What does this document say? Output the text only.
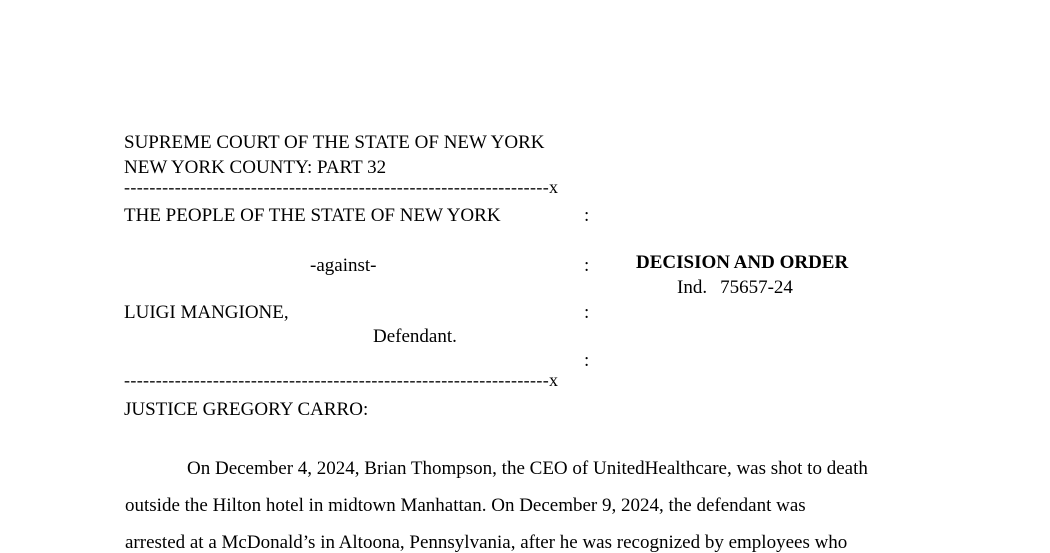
SUPREME COURT OF THE STATE OF NEW YORK
NEW YORK COUNTY: PART 32
-------------------------------------------------------------------x
THE PEOPLE OF THE STATE OF NEW YORK	:
-against-	:
LUIGI MANGIONE,	:
Defendant.
:
-------------------------------------------------------------------x
JUSTICE GREGORY CARRO:
DECISION AND ORDER
Ind. 75657-24
On December 4, 2024, Brian Thompson, the CEO of UnitedHealthcare, was shot to death
outside the Hilton hotel in midtown Manhattan. On December 9, 2024, the defendant was
arrested at a McDonald’s in Altoona, Pennsylvania, after he was recognized by employees who
